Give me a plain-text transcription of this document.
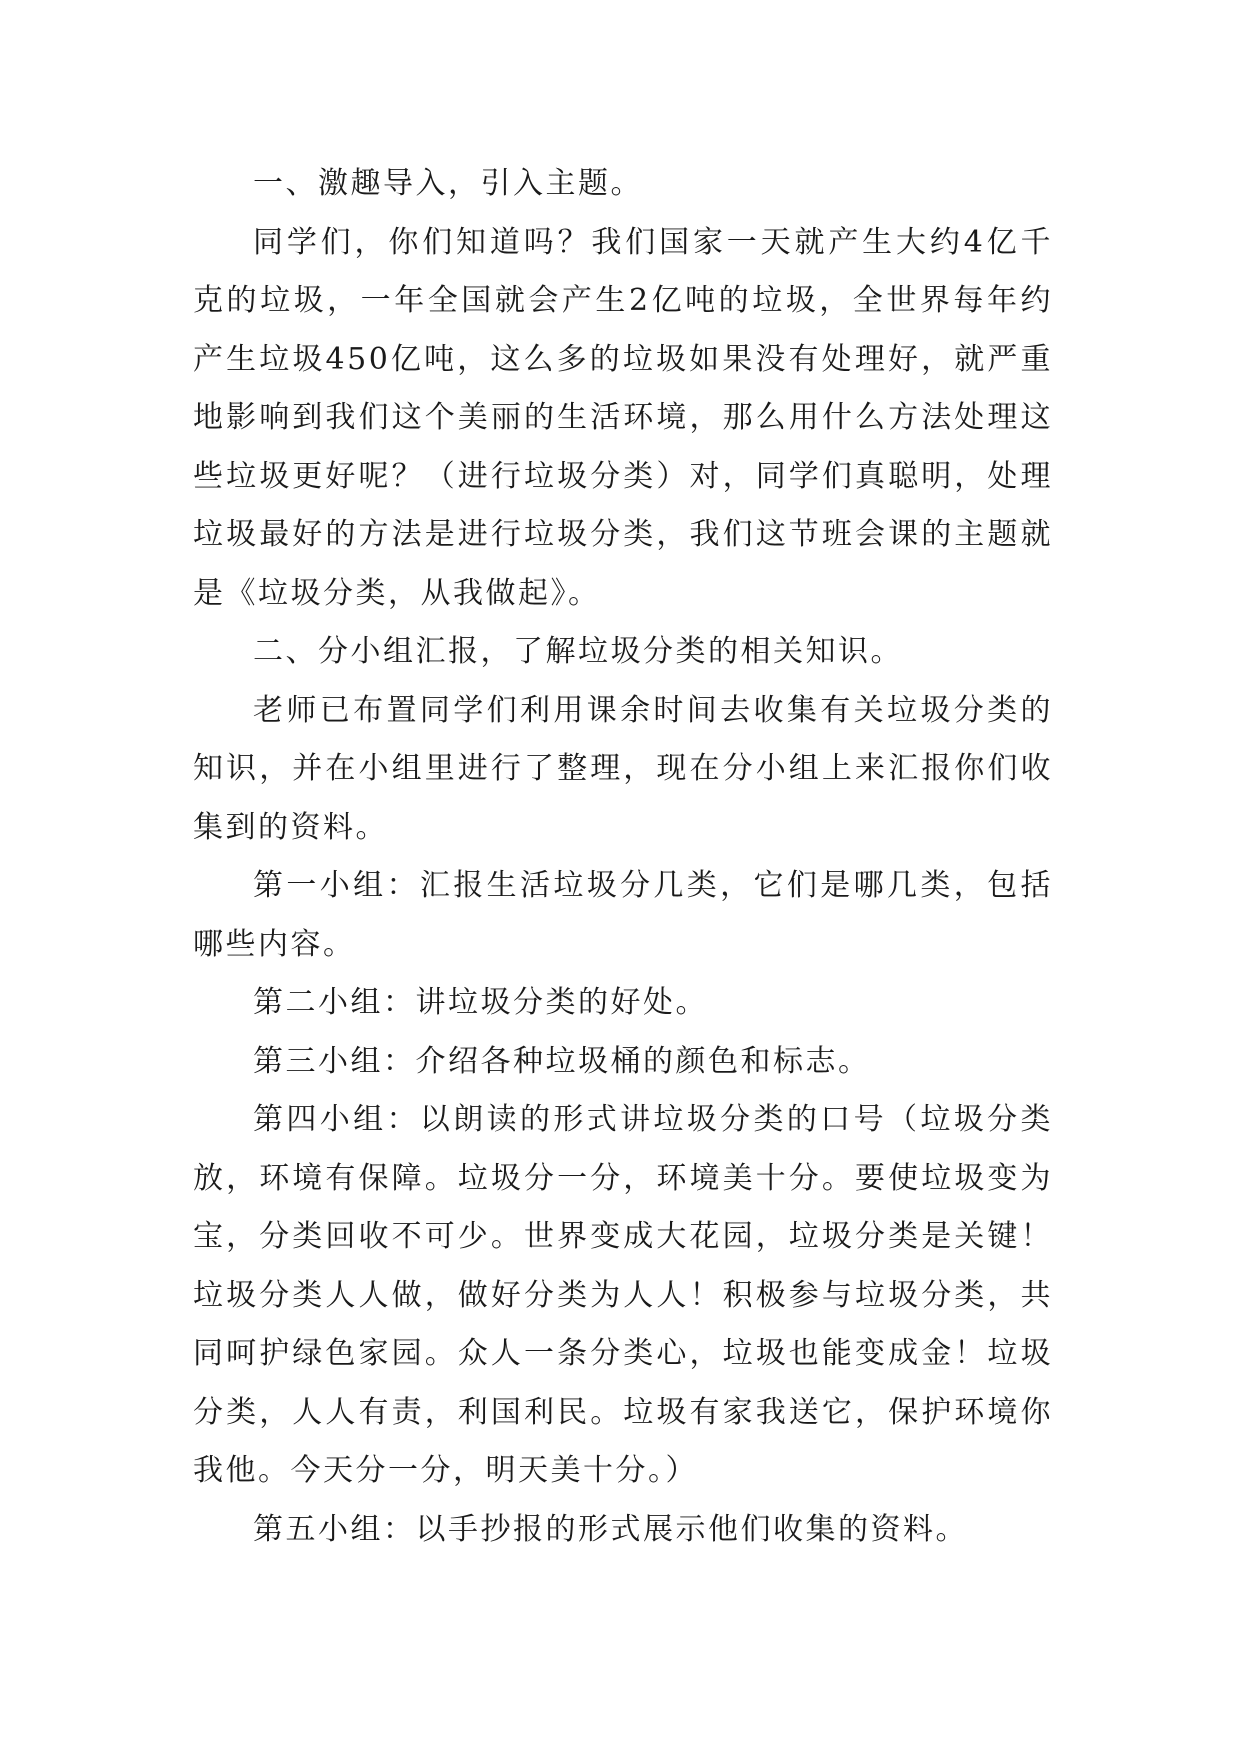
一、激趣导入，引入主题。

同学们，你们知道吗？我们国家一天就产生大约4亿千克的垃圾，一年全国就会产生2亿吨的垃圾，全世界每年约产生垃圾450亿吨，这么多的垃圾如果没有处理好，就严重地影响到我们这个美丽的生活环境，那么用什么方法处理这些垃圾更好呢？（进行垃圾分类）对，同学们真聪明，处理垃圾最好的方法是进行垃圾分类，我们这节班会课的主题就是《垃圾分类，从我做起》。

二、分小组汇报，了解垃圾分类的相关知识。

老师已布置同学们利用课余时间去收集有关垃圾分类的知识，并在小组里进行了整理，现在分小组上来汇报你们收集到的资料。

第一小组：汇报生活垃圾分几类，它们是哪几类，包括哪些内容。

第二小组：讲垃圾分类的好处。

第三小组：介绍各种垃圾桶的颜色和标志。

第四小组：以朗读的形式讲垃圾分类的口号（垃圾分类放，环境有保障。垃圾分一分，环境美十分。要使垃圾变为宝，分类回收不可少。世界变成大花园，垃圾分类是关键！垃圾分类人人做，做好分类为人人！积极参与垃圾分类，共同呵护绿色家园。众人一条分类心，垃圾也能变成金！垃圾分类，人人有责，利国利民。垃圾有家我送它，保护环境你我他。今天分一分，明天美十分。）

第五小组：以手抄报的形式展示他们收集的资料。
